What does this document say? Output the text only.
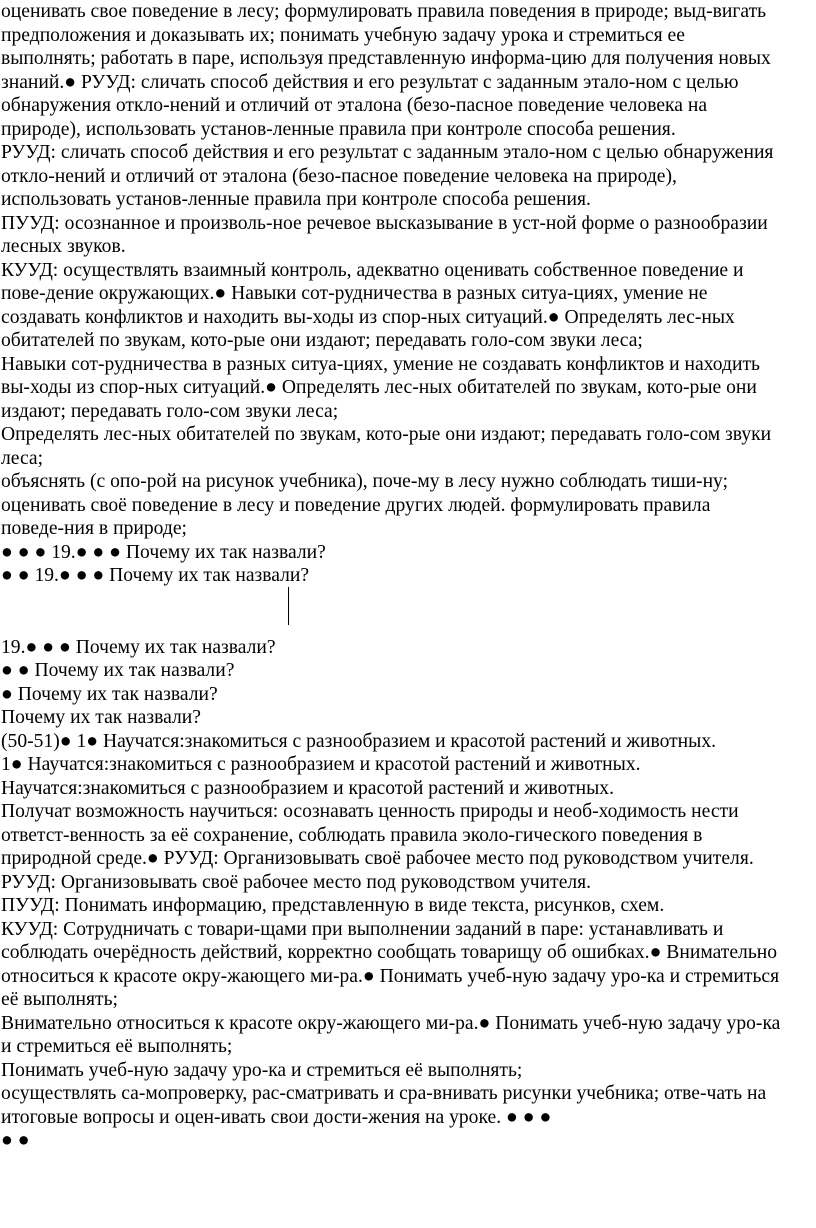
оценивать свое поведение в лесу; формулировать правила поведения в природе; выд-вигать

предположения и доказывать их; понимать учебную задачу урока и стремиться ее

выполнять; работать в паре, используя представленную информа-цию для получения новых

знаний.● РУУД: сличать способ действия и его результат с заданным этало-ном с целью

обнаружения откло-нений и отличий от эталона (безо-пасное поведение человека на

природе), использовать установ-ленные правила при контроле способа решения.

РУУД: сличать способ действия и его результат с заданным этало-ном с целью обнаружения

откло-нений и отличий от эталона (безо-пасное поведение человека на природе),

использовать установ-ленные правила при контроле способа решения.

ПУУД: осознанное и произволь-ное речевое высказывание в уст-ной форме о разнообразии

лесных звуков.

КУУД: осуществлять взаимный контроль, адекватно оценивать собственное поведение и

пове-дение окружающих.● Навыки сот-рудничества в разных ситуа-циях, умение не

создавать конфликтов и находить вы-ходы из спор-ных ситуаций.● Определять лес-ных

обитателей по звукам, кото-рые они издают; передавать голо-сом звуки леса;

Навыки сот-рудничества в разных ситуа-циях, умение не создавать конфликтов и находить

вы-ходы из спор-ных ситуаций.● Определять лес-ных обитателей по звукам, кото-рые они

издают; передавать голо-сом звуки леса;

Определять лес-ных обитателей по звукам, кото-рые они издают; передавать голо-сом звуки

леса;

объяснять (с опо-рой на рисунок учебника), поче-му в лесу нужно соблюдать тиши-ну;

оценивать своё поведение в лесу и поведение других людей. формулировать правила

поведе-ния в природе;

● ● ● 19.● ● ● Почему их так назвали?

● ● 19.● ● ● Почему их так назвали?

19.● ● ● Почему их так назвали?

● ● Почему их так назвали?

● Почему их так назвали?

Почему их так назвали?

(50-51)● 1● Научатся:знакомиться с разнообразием и красотой растений и животных.

1● Научатся:знакомиться с разнообразием и красотой растений и животных.

Научатся:знакомиться с разнообразием и красотой растений и животных.

Получат возможность научиться: осознавать ценность природы и необ-ходимость нести

ответст-венность за её сохранение, соблюдать правила эколо-гического поведения в

природной среде.● РУУД: Организовывать своё рабочее место под руководством учителя.

РУУД: Организовывать своё рабочее место под руководством учителя.

ПУУД: Понимать информацию, представленную в виде текста, рисунков, схем.

КУУД: Сотрудничать с товари-щами при выполнении заданий в паре: устанавливать и

соблюдать очерёдность действий, корректно сообщать товарищу об ошибках.● Внимательно

относиться к красоте окру-жающего ми-ра.● Понимать учеб-ную задачу уро-ка и стремиться

её выполнять;

Внимательно относиться к красоте окру-жающего ми-ра.● Понимать учеб-ную задачу уро-ка

и стремиться её выполнять;

Понимать учеб-ную задачу уро-ка и стремиться её выполнять;

осуществлять са-мопроверку, рас-сматривать и сра-внивать рисунки учебника; отве-чать на

итоговые вопросы и оцен-ивать свои дости-жения на уроке. ● ● ●

● ●
